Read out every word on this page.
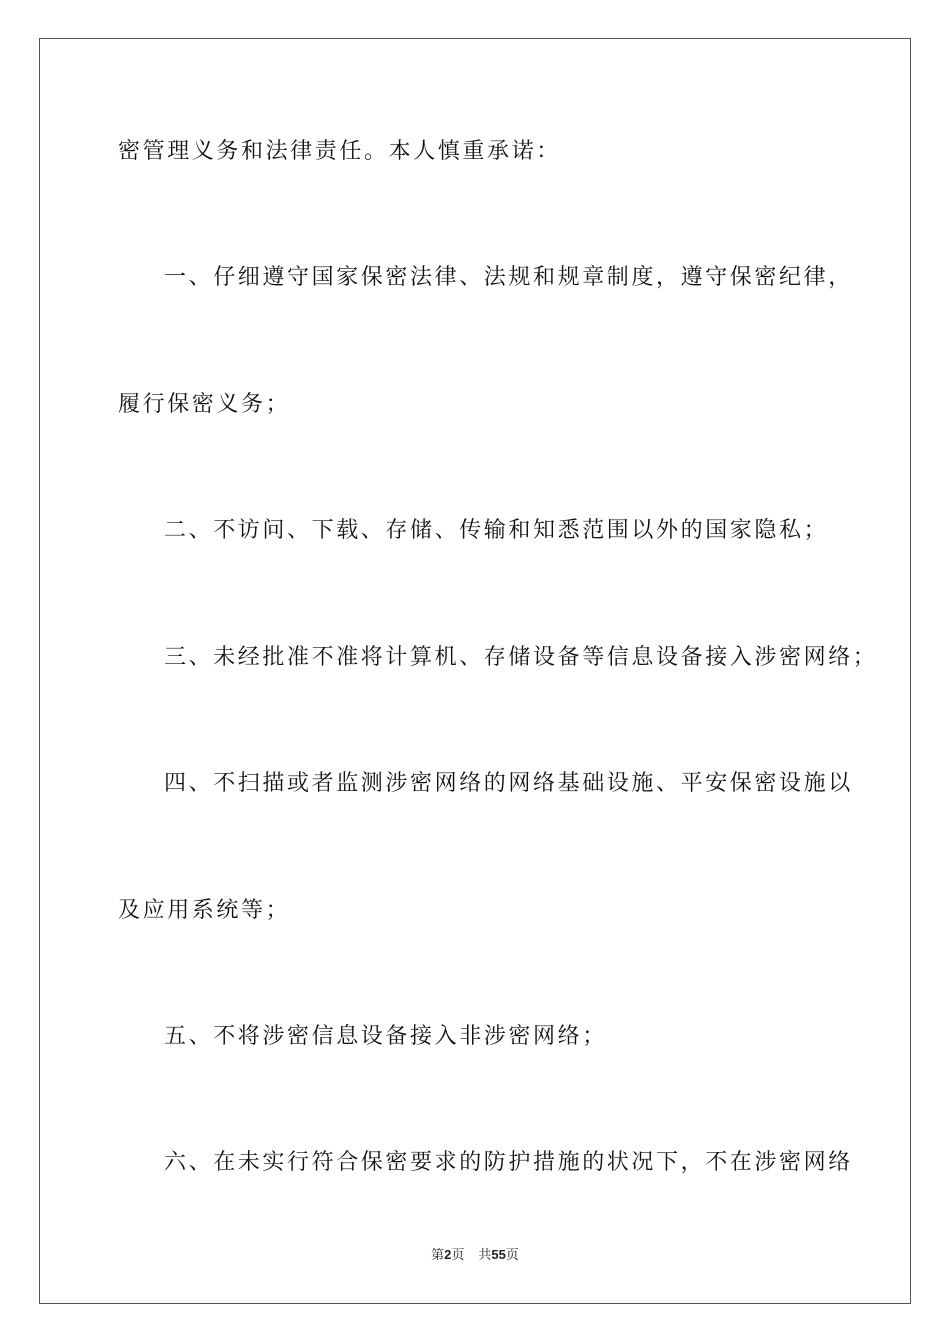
密管理义务和法律责任。本人慎重承诺：
一、仔细遵守国家保密法律、法规和规章制度，遵守保密纪律，
履行保密义务；
二、不访问、下载、存储、传输和知悉范围以外的国家隐私；
三、未经批准不准将计算机、存储设备等信息设备接入涉密网络；
四、不扫描或者监测涉密网络的网络基础设施、平安保密设施以
及应用系统等；
五、不将涉密信息设备接入非涉密网络；
六、在未实行符合保密要求的防护措施的状况下，不在涉密网络
第2页 共55页
